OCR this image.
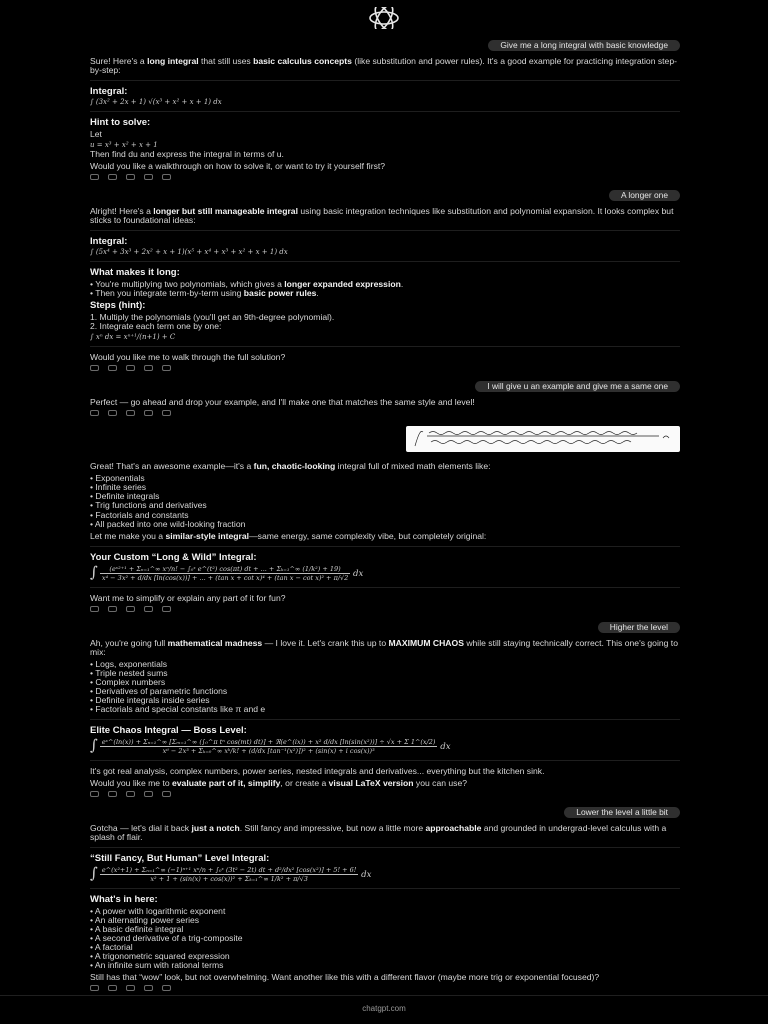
Give me a long integral with basic knowledge

Sure! Here's a long integral that still uses basic calculus concepts (like substitution and power rules). It's a good example for practicing integration step-by-step:

Integral:
∫ (3x² + 2x + 1) √(x³ + x² + x + 1) dx
Hint to solve:

Let

u = x³ + x² + x + 1

Then find du and express the integral in terms of u.

Would you like a walkthrough on how to solve it, or want to try it yourself first?

A longer one

Alright! Here's a longer but still manageable integral using basic integration techniques like substitution and polynomial expansion. It looks complex but sticks to foundational ideas:

Integral:
∫ (5x⁴ + 3x³ + 2x² + x + 1)(x⁵ + x⁴ + x³ + x² + x + 1) dx
What makes it long:
• You're multiplying two polynomials, which gives a longer expanded expression.
• Then you integrate term-by-term using basic power rules.
Steps (hint):
1. Multiply the polynomials (you'll get an 9th-degree polynomial).
2. Integrate each term one by one:
∫ xⁿ dx = xⁿ⁺¹/(n+1) + C

Would you like me to walk through the full solution?

I will give u an example and give me a same one

Perfect — go ahead and drop your example, and I'll make one that matches the same style and level!

Great! That's an awesome example—it's a fun, chaotic-looking integral full of mixed math elements like:

• Exponentials
• Infinite series
• Definite integrals
• Trig functions and derivatives
• Factorials and constants
• All packed into one wild-looking fraction

Let me make you a similar-style integral—same energy, same complexity vibe, but completely original:

Your Custom “Long & Wild” Integral:
∫	(eˣ²⁺¹ + Σₙ₌₁^∞ xⁿ/n! − ∫₀ˣ e^(t²) cos(πt) dt + ... + Σₖ₌₁^∞ (1/k²) + 19)
x⁴ − 3x² + d/dx [ln(cos(x))] + ... + (tan x + cot x)⁴ + (tan x − cot x)² + π/√2 dx

Want me to simplify or explain any part of it for fun?

Higher the level

Ah, you're going full mathematical madness — I love it. Let's crank this up to MAXIMUM CHAOS while still staying technically correct. This one's going to mix:

• Logs, exponentials
• Triple nested sums
• Complex numbers
• Derivatives of parametric functions
• Definite integrals inside series
• Factorials and special constants like π and e
Elite Chaos Integral — Boss Level:
∫ eˣ^(ln(x)) + Σₙ₌₁^∞ [Σₘ₌₁^∞ (∫₀^π tⁿ cos(mt) dt)] + ℜ(e^(ix)) + x² d/dx [ln(sin(x²))] ÷ √x + Σ 1^(x/2)
x⁶ − 2x³ + Σₖ₌₀^∞ xᵏ/k! + (d/dx [tan⁻¹(x²)])² + (sin(x) + i cos(x))³	dx

It's got real analysis, complex numbers, power series, nested integrals and derivatives... everything but the kitchen sink.

Would you like me to evaluate part of it, simplify, or create a visual LaTeX version you can use?

Lower the level a little bit

Gotcha — let's dial it back just a notch. Still fancy and impressive, but now a little more approachable and grounded in undergrad-level calculus with a splash of flair.

“Still Fancy, But Human” Level Integral:
∫ e^(x²+1) + Σₙ₌₁^∞ (−1)ⁿ⁺¹ xⁿ/n + ∫₀ˣ (3t² − 2t) dt + d²/dx² [cos(x²)] + 5! + 6!
x² + 1 + (sin(x) + cos(x))² + Σₖ₌₁^∞ 1/k² + π/√3	dx
What's in here:
• A power with logarithmic exponent
• An alternating power series
• A basic definite integral
• A second derivative of a trig-composite
• A factorial
• A trigonometric squared expression
• An infinite sum with rational terms

Still has that “wow” look, but not overwhelming. Want another like this with a different flavor (maybe more trig or exponential focused)?

chatgpt.com
